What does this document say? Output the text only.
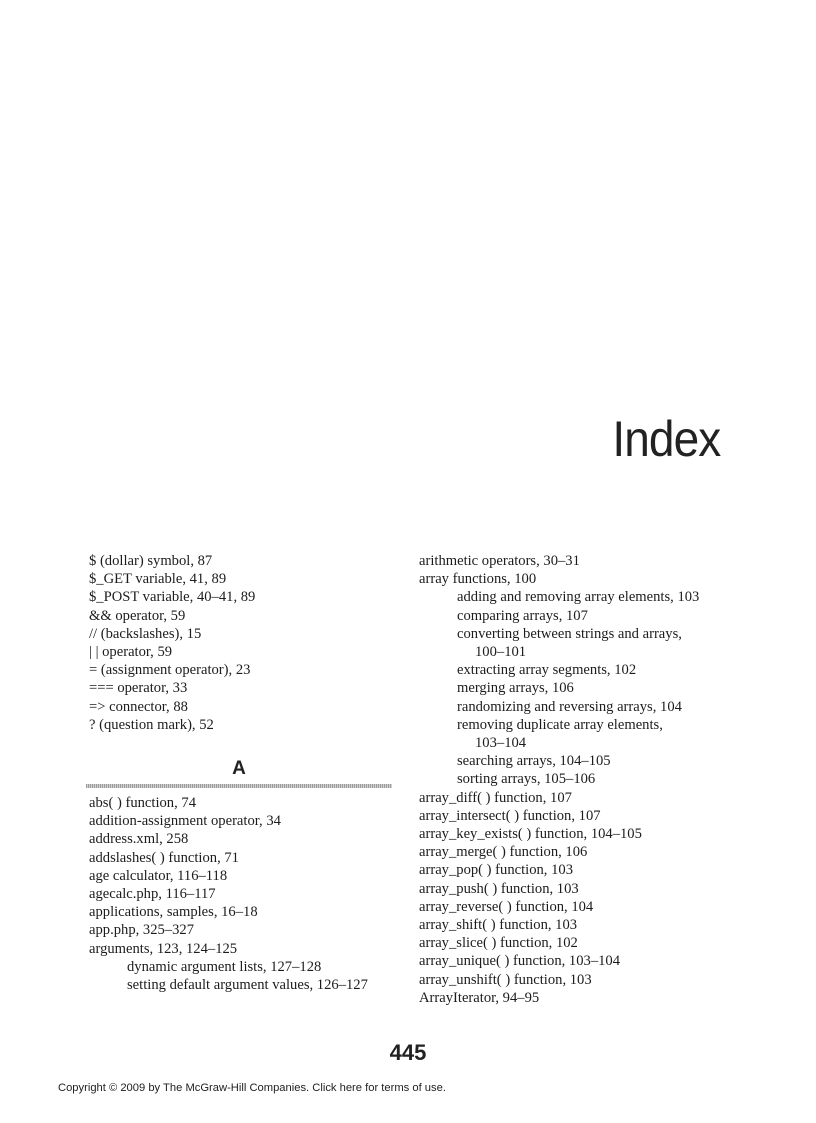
Index
$ (dollar) symbol, 87
$_GET variable, 41, 89
$_POST variable, 40–41, 89
&& operator, 59
// (backslashes), 15
| | operator, 59
= (assignment operator), 23
=== operator, 33
=> connector, 88
? (question mark), 52
A
abs( ) function, 74
addition-assignment operator, 34
address.xml, 258
addslashes( ) function, 71
age calculator, 116–118
agecalc.php, 116–117
applications, samples, 16–18
app.php, 325–327
arguments, 123, 124–125
dynamic argument lists, 127–128
setting default argument values, 126–127
arithmetic operators, 30–31
array functions, 100
adding and removing array elements, 103
comparing arrays, 107
converting between strings and arrays,
100–101
extracting array segments, 102
merging arrays, 106
randomizing and reversing arrays, 104
removing duplicate array elements,
103–104
searching arrays, 104–105
sorting arrays, 105–106
array_diff( ) function, 107
array_intersect( ) function, 107
array_key_exists( ) function, 104–105
array_merge( ) function, 106
array_pop( ) function, 103
array_push( ) function, 103
array_reverse( ) function, 104
array_shift( ) function, 103
array_slice( ) function, 102
array_unique( ) function, 103–104
array_unshift( ) function, 103
ArrayIterator, 94–95
445
Copyright © 2009 by The McGraw-Hill Companies. Click here for terms of use.
